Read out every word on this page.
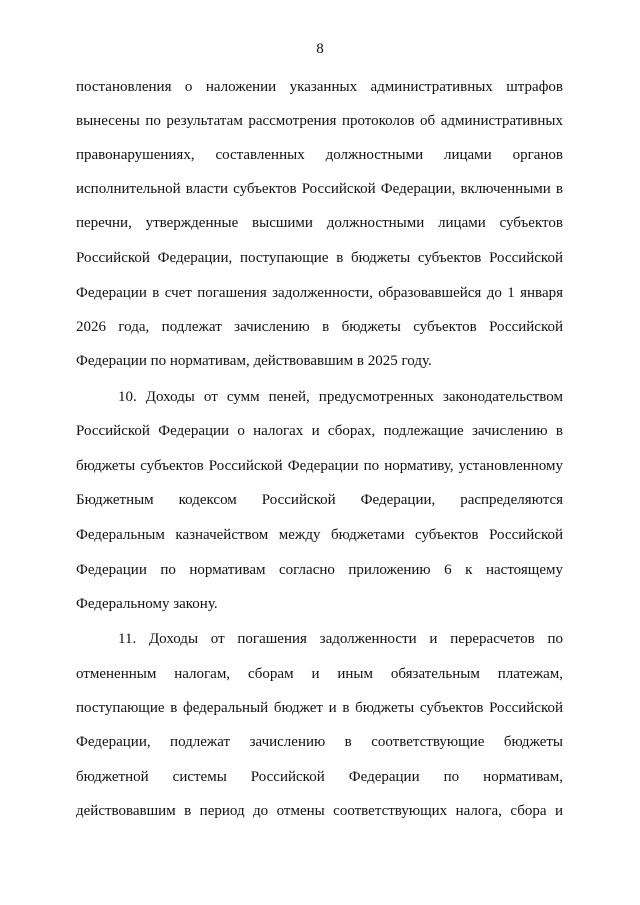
8
постановления о наложении указанных административных штрафов
вынесены по результатам рассмотрения протоколов об административных
правонарушениях, составленных должностными лицами органов
исполнительной власти субъектов Российской Федерации, включенными в
перечни, утвержденные высшими должностными лицами субъектов
Российской Федерации, поступающие в бюджеты субъектов Российской
Федерации в счет погашения задолженности, образовавшейся до 1 января
2026 года, подлежат зачислению в бюджеты субъектов Российской
Федерации по нормативам, действовавшим в 2025 году.
10. Доходы от сумм пеней, предусмотренных законодательством
Российской Федерации о налогах и сборах, подлежащие зачислению в
бюджеты субъектов Российской Федерации по нормативу, установленному
Бюджетным кодексом Российской Федерации, распределяются
Федеральным казначейством между бюджетами субъектов Российской
Федерации по нормативам согласно приложению 6 к настоящему
Федеральному закону.
11. Доходы от погашения задолженности и перерасчетов по
отмененным налогам, сборам и иным обязательным платежам,
поступающие в федеральный бюджет и в бюджеты субъектов Российской
Федерации, подлежат зачислению в соответствующие бюджеты
бюджетной системы Российской Федерации по нормативам,
действовавшим в период до отмены соответствующих налога, сбора и
